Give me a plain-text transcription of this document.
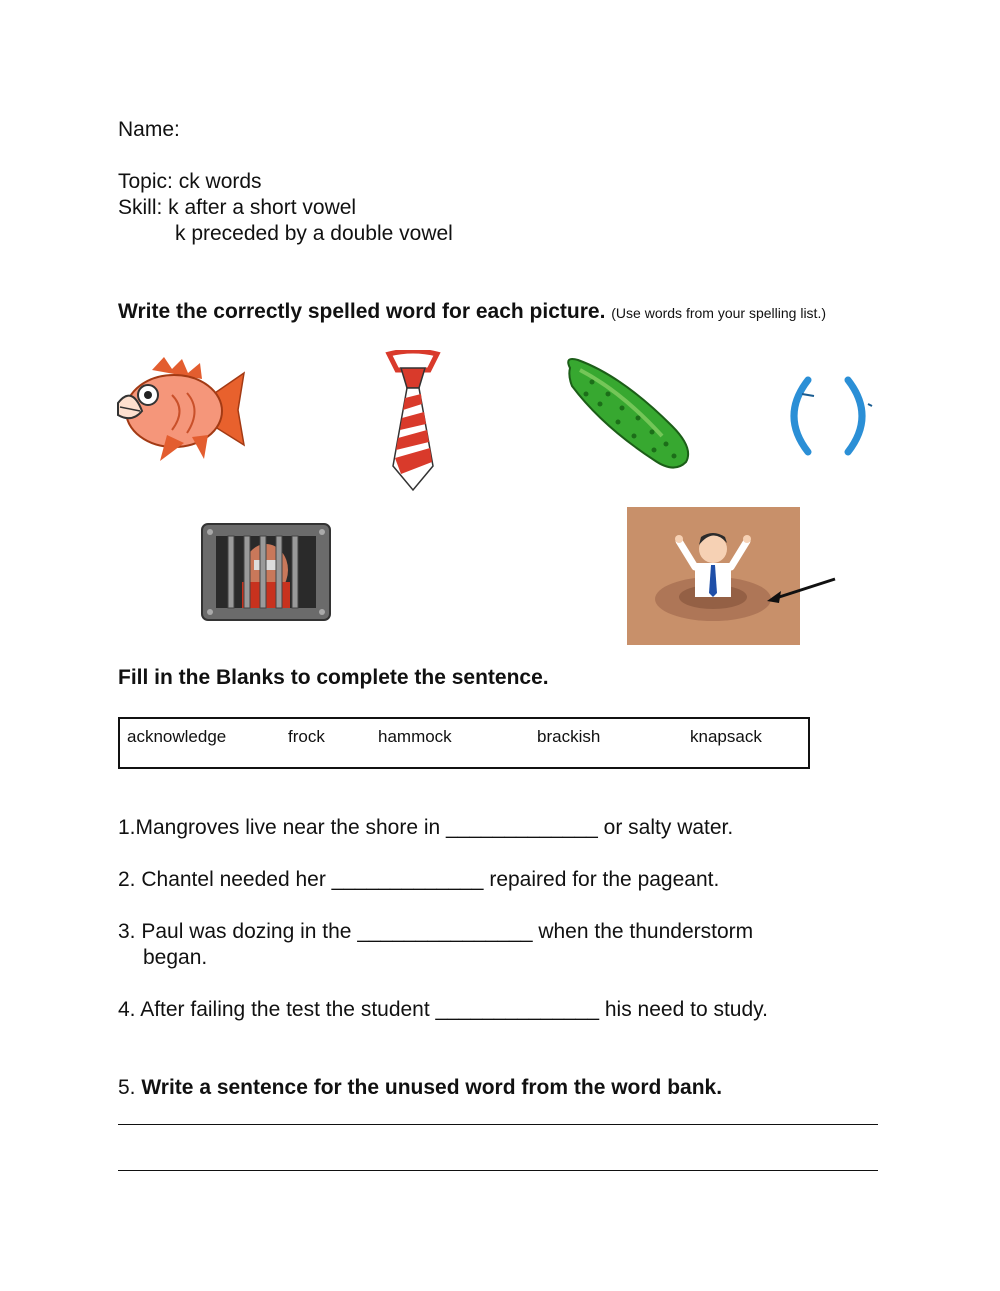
Name:
Topic: ck words
Skill: k after a short vowel
k preceded by a double vowel
Write the correctly spelled word for each picture. (Use words from your spelling list.)
Fill in the Blanks to complete the sentence.
acknowledge	frock	hammock	brackish	knapsack
1.Mangroves live near the shore in _____________ or salty water.
2. Chantel needed her _____________ repaired for the pageant.
3. Paul was dozing in the _______________ when the thunderstorm
began.
4. After failing the test the student ______________ his need to study.
5. Write a sentence for the unused word from the word bank.
